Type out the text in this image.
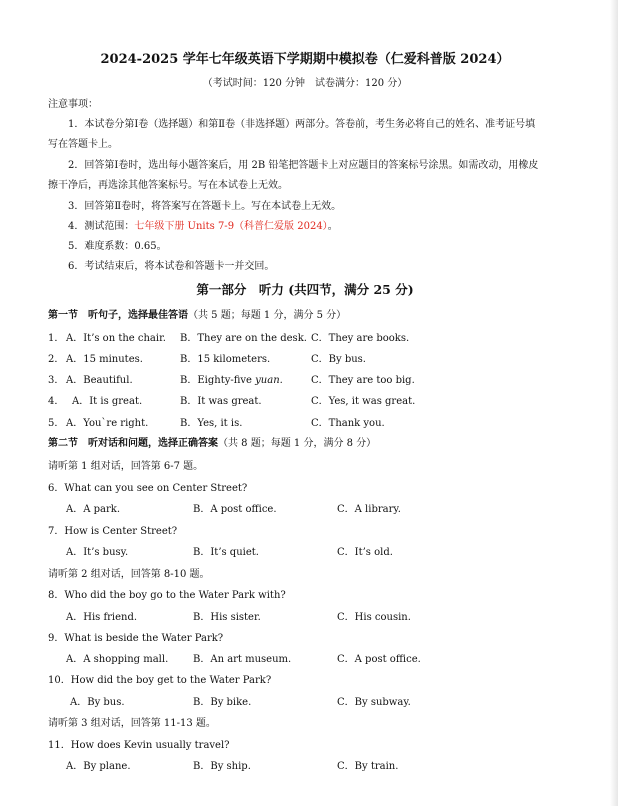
2024-2025 学年七年级英语下学期期中模拟卷（仁爱科普版 2024）
（考试时间：120 分钟　试卷满分：120 分）
注意事项：
1．本试卷分第Ⅰ卷（选择题）和第Ⅱ卷（非选择题）两部分。答卷前，考生务必将自己的姓名、准考证号填
写在答题卡上。
2．回答第Ⅰ卷时，选出每小题答案后，用 2B 铅笔把答题卡上对应题目的答案标号涂黑。如需改动，用橡皮
擦干净后，再选涂其他答案标号。写在本试卷上无效。
3．回答第Ⅱ卷时，将答案写在答题卡上。写在本试卷上无效。
4．测试范围：七年级下册 Units 7-9（科普仁爱版 2024）。
5．难度系数：0.65。
6．考试结束后，将本试卷和答题卡一并交回。
第一部分　听力 (共四节，满分 25 分)
第一节　听句子，选择最佳答语（共 5 题；每题 1 分，满分 5 分）
1． A．It’s on the chair. B．They are on the desk. C．They are books.
2． A．15 minutes.	B．15 kilometers.	C．By bus.
3． A．Beautiful.	B．Eighty-five yuan.	C．They are too big.
4． A．It is great.	B．It was great.	C．Yes, it was great.
5． A．You`re right.	B．Yes, it is.	C．Thank you.
第二节　听对话和问题，选择正确答案（共 8 题；每题 1 分，满分 8 分）
请听第 1 组对话，回答第 6-7 题。
6．What can you see on Center Street?
A．A park.	B．A post office.	C．A library.
7．How is Center Street?
A．It’s busy.	B．It’s quiet.	C．It’s old.
请听第 2 组对话，回答第 8-10 题。
8．Who did the boy go to the Water Park with?
A．His friend.	B．His sister.	C．His cousin.
9．What is beside the Water Park?
A．A shopping mall. B．An art museum.	C．A post office.
10．How did the boy get to the Water Park?
A．By bus.	B．By bike.	C．By subway.
请听第 3 组对话，回答第 11-13 题。
11．How does Kevin usually travel?
A．By plane.	B．By ship.	C．By train.
